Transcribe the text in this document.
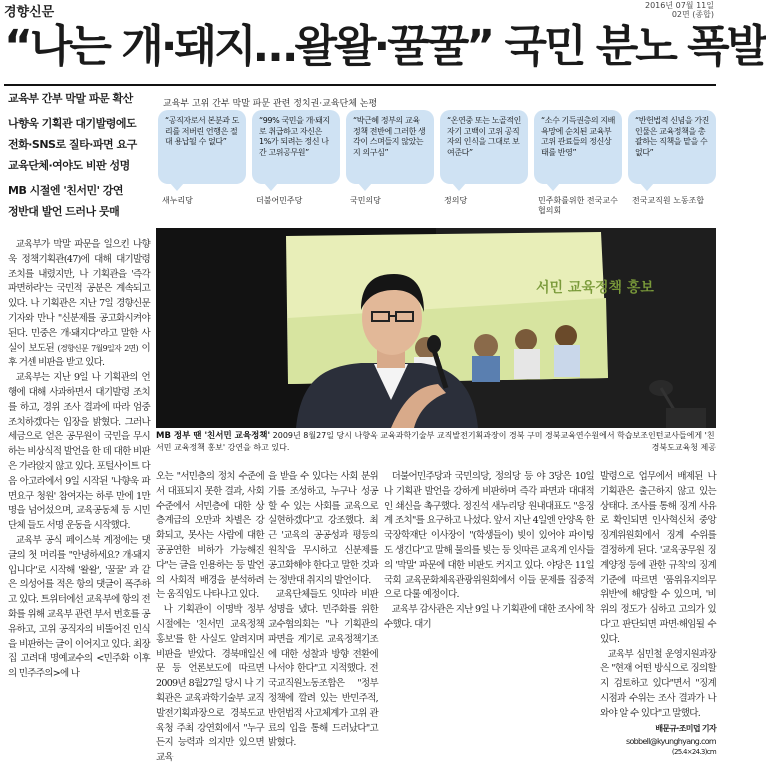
경향신문	2016년 07월 11일
02면 (종합)
“나는 개·돼지…왈왈·꿀꿀” 국민 분노 폭발
교육부 간부 막말 파문 확산
나향욱 기획관 대기발령에도
전화·SNS로 질타·파면 요구
교육단체·여야도 비판 성명
MB 시절엔 '친서민' 강연
정반대 발언 드러나 뭇매
교육부 고위 간부 막말 파문 관련 정치권·교육단체 논평
“공직자로서 본분과 도리를 저버린 언행은 절대 용납될 수 없다”
새누리당
“99% 국민을 개·돼지로 취급하고 자신은 1%가 되려는 정신 나간 고위공무원”
더불어민주당
“박근혜 정부의 교육 정책 전반에 그러한 생각이 스며들지 않았는지 의구심”
국민의당
“온연중 또는 노골적인 자기 고백이 고위 공직자의 인식을 그대로 보여준다”
정의당
“소수 기득권층의 지배 욕망에 순치된 교육부 고위 관료들의 정신상태를 반영”
민주화를위한 전국교수협의회
“반헌법적 신념을 가진 인물은 교육정책을 총괄하는 직책을 맡을 수 없다”
전국교직원 노동조합
서민 교육정책 홍보
MB 정부 땐 '친서민 교육정책' 2009년 8월27일 당시 나향욱 교육과학기술부 교직발전기획과장이 경북 구미 경북교육연수원에서 학습보조인턴교사들에게 '친서민 교육정책 홍보' 강연을 하고 있다.	경북도교육청 제공

교육부가 막말 파문을 일으킨 나향욱 정책기획관(47)에 대해 대기발령 조치를 내렸지만, 나 기획관을 '즉각 파면하라'는 국민적 공분은 계속되고 있다. 나 기획관은 지난 7일 경향신문 기자와 만나 "신분제를 공고화시켜야 된다. 민중은 개·돼지다"라고 말한 사실이 보도된 (경향신문 7월9일자 2면) 이후 거센 비판을 받고 있다.

교육부는 지난 9일 나 기획관의 언행에 대해 사과하면서 대기발령 조치를 하고, 경위 조사 결과에 따라 엄중 조치하겠다는 입장을 밝혔다. 그러나 세금으로 얻은 공무원이 국민을 무시하는 비상식적 발언을 한 데 대한 비판은 가라앉지 않고 있다. 포털사이트 다음 아고라에서 9일 시작된 '나향욱 파면요구 청원' 참여자는 하루 만에 1만명을 넘어섰으며, 교육공동체 등 시민단체 들도 서명 운동을 시작했다.

교육부 공식 페이스북 계정에는 댓글의 첫 머리를 "안녕하세요? 개·돼지입니다"로 시작해 '왈왈', '꿀꿀' 과 같은 의성어를 적은 항의 댓글이 폭주하고 있다. 트위터에선 교육부에 항의 전화를 위해 교육부 관련 부서 번호를 공유하고, 고위 공직자의 비뚤어진 인식을 비판하는 글이 이어지고 있다. 최장집 고려대 명예교수의 <민주화 이후의 민주주의>에 나

오는 "서민층의 정치 수준에서 대표되지 못한 결과, 사회 수준에서 서민층에 대한 상층계급의 오만과 차별은 강화되고, 못사는 사람에 대한 공공연한 비하가 가능해진다"는 글을 인용하는 등 발언의 사회적 배경을 분석하려는 움직임도 나타나고 있다.

나 기획관이 이명박 정부 시절에는 '친서민 교육정책 홍보'를 한 사실도 알려지며 비판을 받았다. 경북매일신문 등 언론보도에 따르면 2009년 8월27일 당시 나 기획관은 교육과학기술부 교직발전기획과장으로 경북도교육청 주최 강연회에서 "누구든지 능력과 의지만 있으면 교육

을 받을 수 있다는 사회 분위기를 조성하고, 누구나 성공할 수 있는 사회를 교육으로 실현하겠다"고 강조했다. 최근 '교육의 공공성과 평등의 원칙'을 무시하고 신분제를 공고화해야 한다고 말한 것과는 정반대 취지의 발언이다.

교육단체들도 잇따라 비판 성명을 냈다. 민주화를 위한 교수협의회는 "나 기획관의 파면을 계기로 교육정책기조에 대한 성찰과 방향 전환에 나서야 한다"고 지적했다. 전국교직원노동조합은 "정부 정책에 깔려 있는 반민주적, 반헌법적 사고체계가 고위 관료의 입을 통해 드러났다"고 밝혔다.

더불어민주당과 국민의당, 정의당 등 야 3당은 10일 나 기획관 발언을 강하게 비판하며 즉각 파면과 대대적인 쇄신을 촉구했다. 정진석 새누리당 원내대표도 "응징계 조치"를 요구하고 나섰다. 앞서 지난 4일엔 안양옥 한국장학재단 이사장이 "(학생들이) 빚이 있어야 파이팅 도 생긴다"고 말해 물의를 빚는 등 잇따른 교육계 인사들의 '막말' 파문에 대한 비판도 커지고 있다. 야당은 11일 국회 교육문화체육관광위원회에서 이들 문제를 집중적으로 다룰 예정이다.

교육부 감사관은 지난 9일 나 기획관에 대한 조사에 착수했다. 대기

발령으로 업무에서 배제된 나 기획관은 출근하지 않고 있는 상태다. 조사를 통해 징계 사유로 확인되면 인사혁신처 중앙징계위원회에서 징계 수위를 결정하게 된다. '교육공무원 징계양정 등에 관한 규칙'의 징계기준에 따르면 '품위유지의무 위반'에 해당할 수 있으며, '비위의 정도가 심하고 고의가 있다'고 판단되면 파면·해임될 수 있다.

교육부 심민철 운영지원과장은 "현재 어떤 방식으로 징의할지 검토하고 있다"면서 "징계 시점과 수위는 조사 결과가 나와야 알 수 있다"고 말했다.

배문규·조미덥 기자
sobbell@kyunghyang.com
(25.4×24.3)cm
